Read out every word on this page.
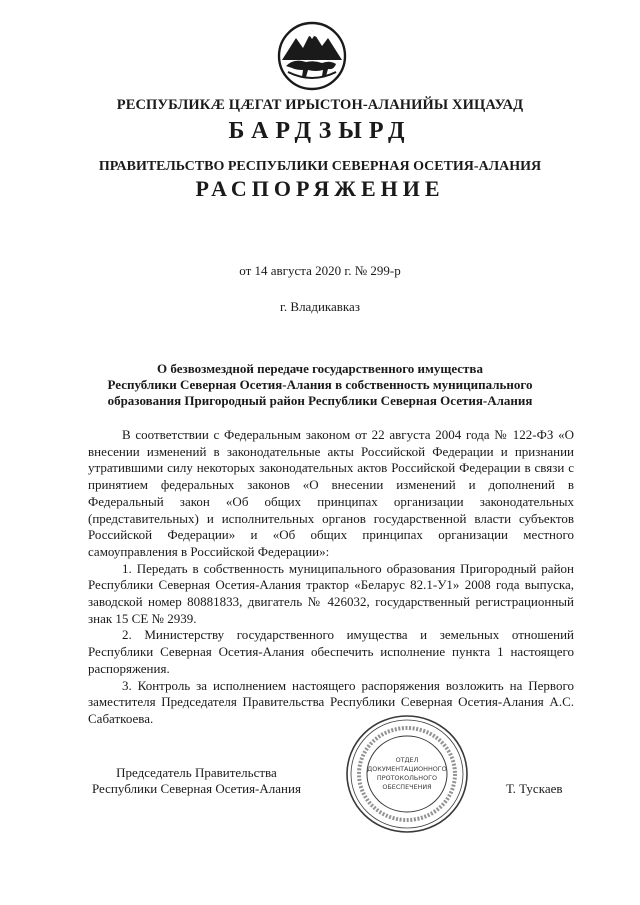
РЕСПУБЛИКӔ ЦӔГАТ ИРЫСТОН-АЛАНИЙЫ ХИЦАУАД
БАРДЗЫРД
ПРАВИТЕЛЬСТВО РЕСПУБЛИКИ СЕВЕРНАЯ ОСЕТИЯ-АЛАНИЯ
РАСПОРЯЖЕНИЕ
от 14 августа 2020 г. № 299-р
г. Владикавказ
О безвозмездной передаче государственного имущества
Республики Северная Осетия-Алания в собственность муниципального
образования Пригородный район Республики Северная Осетия-Алания

В соответствии с Федеральным законом от 22 августа 2004 года № 122-ФЗ «О внесении изменений в законодательные акты Российской Федерации и признании утратившими силу некоторых законодательных актов Российской Федерации в связи с принятием федеральных законов «О внесении изменений и дополнений в Федеральный закон «Об общих принципах организации законодательных (представительных) и исполнительных органов государственной власти субъектов Российской Федерации» и «Об общих принципах организации местного самоуправления в Российской Федерации»:

1. Передать в собственность муниципального образования Пригородный район Республики Северная Осетия-Алания трактор «Беларус 82.1-У1» 2008 года выпуска, заводской номер 80881833, двигатель № 426032, государственный регистрационный знак 15 СЕ № 2939.

2. Министерству государственного имущества и земельных отношений Республики Северная Осетия-Алания обеспечить исполнение пункта 1 настоящего распоряжения.

3. Контроль за исполнением настоящего распоряжения возложить на Первого заместителя Председателя Правительства Республики Северная Осетия-Алания А.С. Сабаткоева.

Председатель Правительства
Республики Северная Осетия-Алания
ОТДЕЛ
ДОКУМЕНТАЦИОННОГО
ПРОТОКОЛЬНОГО
ОБЕСПЕЧЕНИЯ	Т. Тускаев
